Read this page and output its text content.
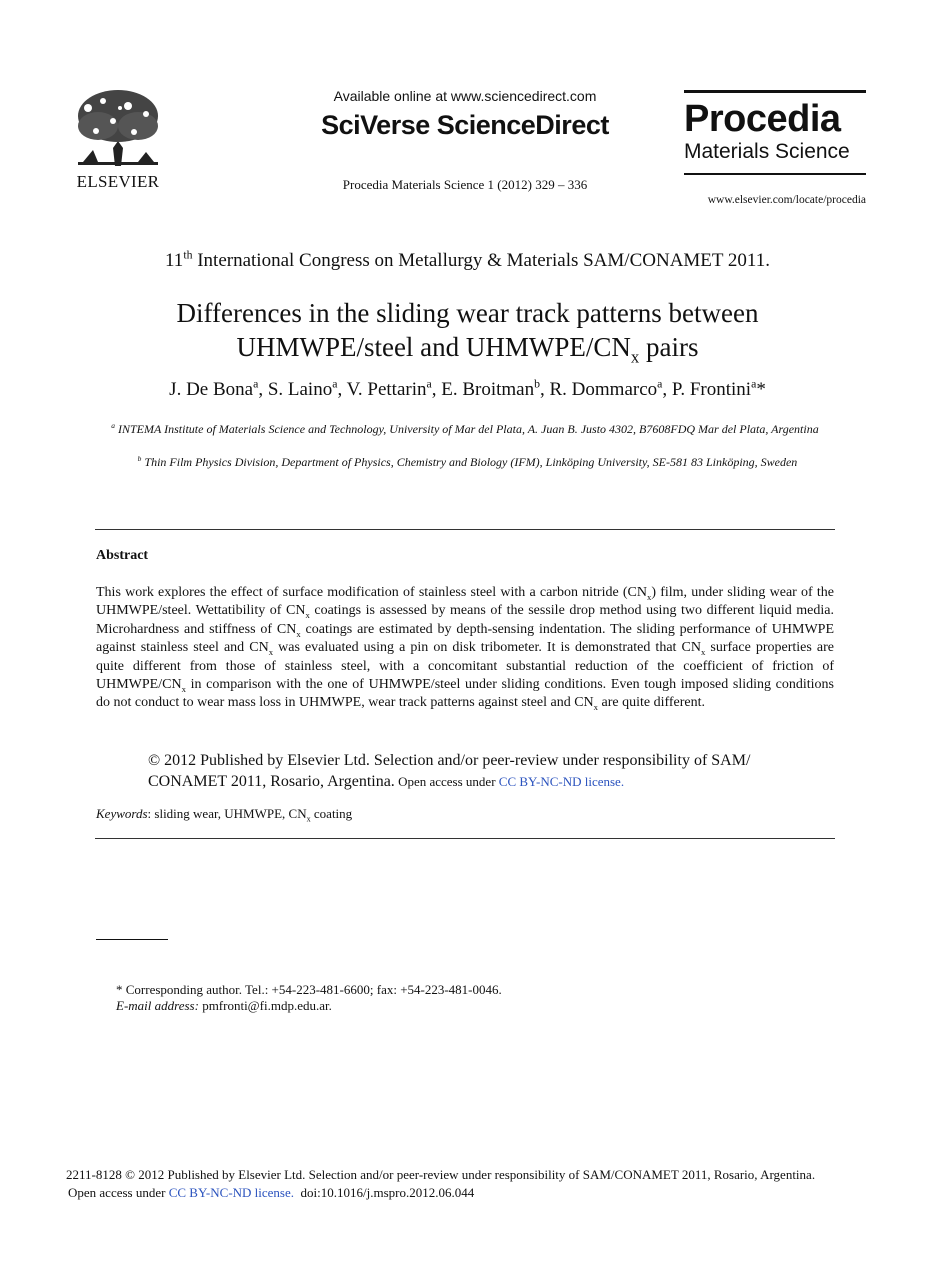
ELSEVIER
Available online at www.sciencedirect.com
SciVerse ScienceDirect
Procedia Materials Science 1 (2012) 329 – 336
Procedia
Materials Science
www.elsevier.com/locate/procedia
11th International Congress on Metallurgy & Materials SAM/CONAMET 2011.
Differences in the sliding wear track patterns between
UHMWPE/steel and UHMWPE/$CN_x$ pairs
J. De Bona$^a$, S. Laino$^a$, V. Pettarin$^a$, E. Broitman$^b$, R. Dommarco$^a$, P. Frontini$^a$*
$^a$ INTEMA Institute of Materials Science and Technology, University of Mar del Plata, A. Juan B. Justo 4302, B7608FDQ Mar del Plata, Argentina
$^b$ Thin Film Physics Division, Department of Physics, Chemistry and Biology (IFM), Linköping University, SE-581 83 Linköping, Sweden
Abstract
This work explores the effect of surface modification of stainless steel with a carbon nitride $(CN_x)$ film, under sliding wear of the UHMWPE/steel. Wettatibility of $CN_x$ coatings is assessed by means of the sessile drop method using two different liquid media. Microhardness and stiffness of $CN_x$ coatings are estimated by depth-sensing indentation. The sliding performance of UHMWPE against stainless steel and $CN_x$ was evaluated using a pin on disk tribometer. It is demonstrated that $CN_x$ surface properties are quite different from those of stainless steel, with a concomitant substantial reduction of the coefficient of friction of UHMWPE/$CN_x$ in comparison with the one of UHMWPE/steel under sliding conditions. Even tough imposed sliding conditions do not conduct to wear mass loss in UHMWPE, wear track patterns against steel and $CN_x$ are quite different.
© 2012 Published by Elsevier Ltd. Selection and/or peer-review under responsibility of SAM/ CONAMET 2011, Rosario, Argentina. Open access under CC BY-NC-ND license.
Keywords: sliding wear, UHMWPE, $CN_x$ coating
* Corresponding author. Tel.: +54-223-481-6600; fax: +54-223-481-0046.
E-mail address: pmfronti@fi.mdp.edu.ar.
2211-8128 © 2012 Published by Elsevier Ltd. Selection and/or peer-review under responsibility of SAM/CONAMET 2011, Rosario, Argentina.
Open access under CC BY-NC-ND license. doi:10.1016/j.mspro.2012.06.044
